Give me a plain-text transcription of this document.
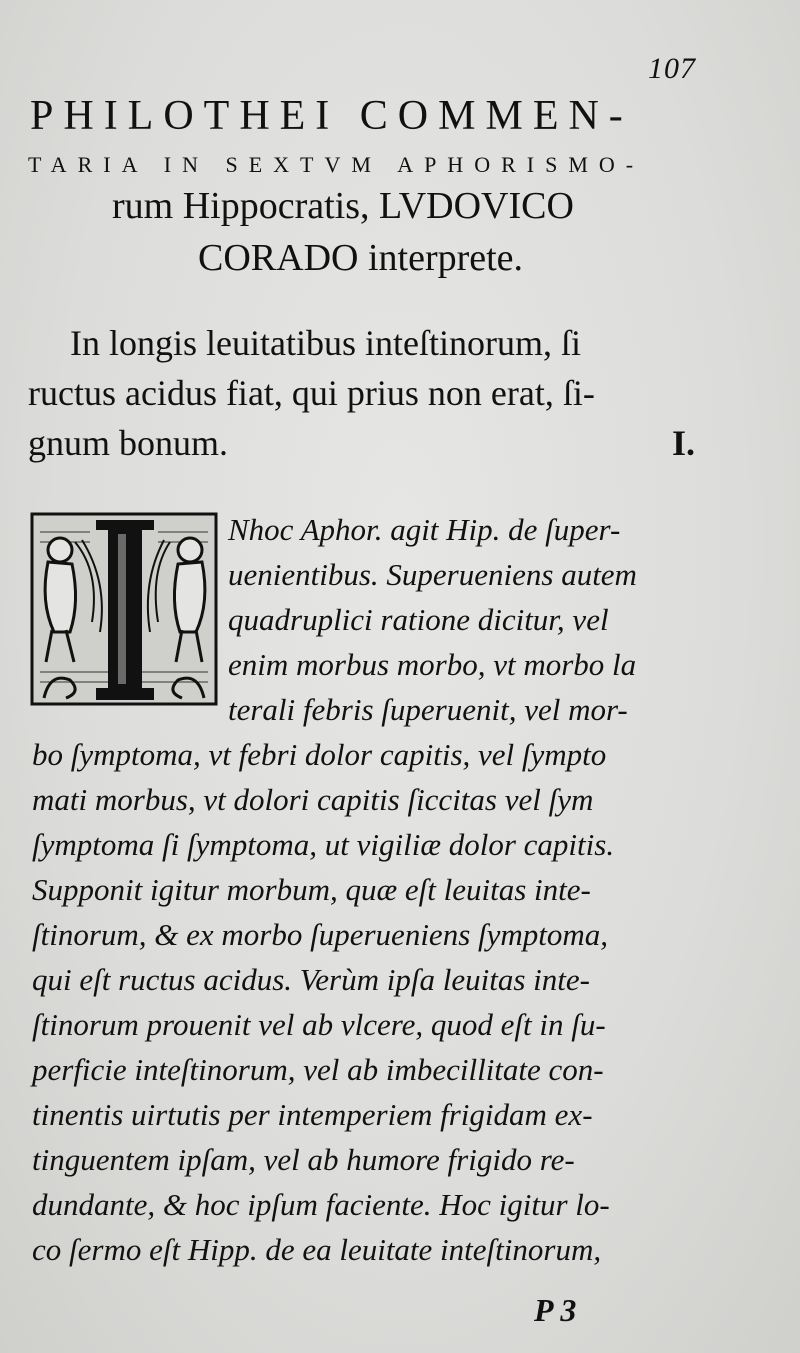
107
PHILOTHEI COMMEN-
TARIA IN SEXTVM APHORISMO-
rum Hippocratis, LVDOVICO
CORADO interprete.
In longis leuitatibus inteſtinorum, ſi
ructus acidus fiat, qui prius non erat, ſi-
gnum bonum.	I.
Nhoc Aphor. agit Hip. de ſuper-
uenientibus. Superueniens autem
quadruplici ratione dicitur, vel
enim morbus morbo, vt morbo la
terali febris ſuperuenit, vel mor-
bo ſymptoma, vt febri dolor capitis, vel ſympto
mati morbus, vt dolori capitis ſiccitas vel ſym
ſymptoma ſi ſymptoma, ut vigiliæ dolor capitis.
Supponit igitur morbum, quæ eſt leuitas inte-
ſtinorum, & ex morbo ſuperueniens ſymptoma,
qui eſt ructus acidus. Verùm ipſa leuitas inte-
ſtinorum prouenit vel ab vlcere, quod eſt in ſu-
perficie inteſtinorum, vel ab imbecillitate con-
tinentis uirtutis per intemperiem frigidam ex-
tinguentem ipſam, vel ab humore frigido re-
dundante, & hoc ipſum faciente. Hoc igitur lo-
co ſermo eſt Hipp. de ea leuitate inteſtinorum,
P 3
